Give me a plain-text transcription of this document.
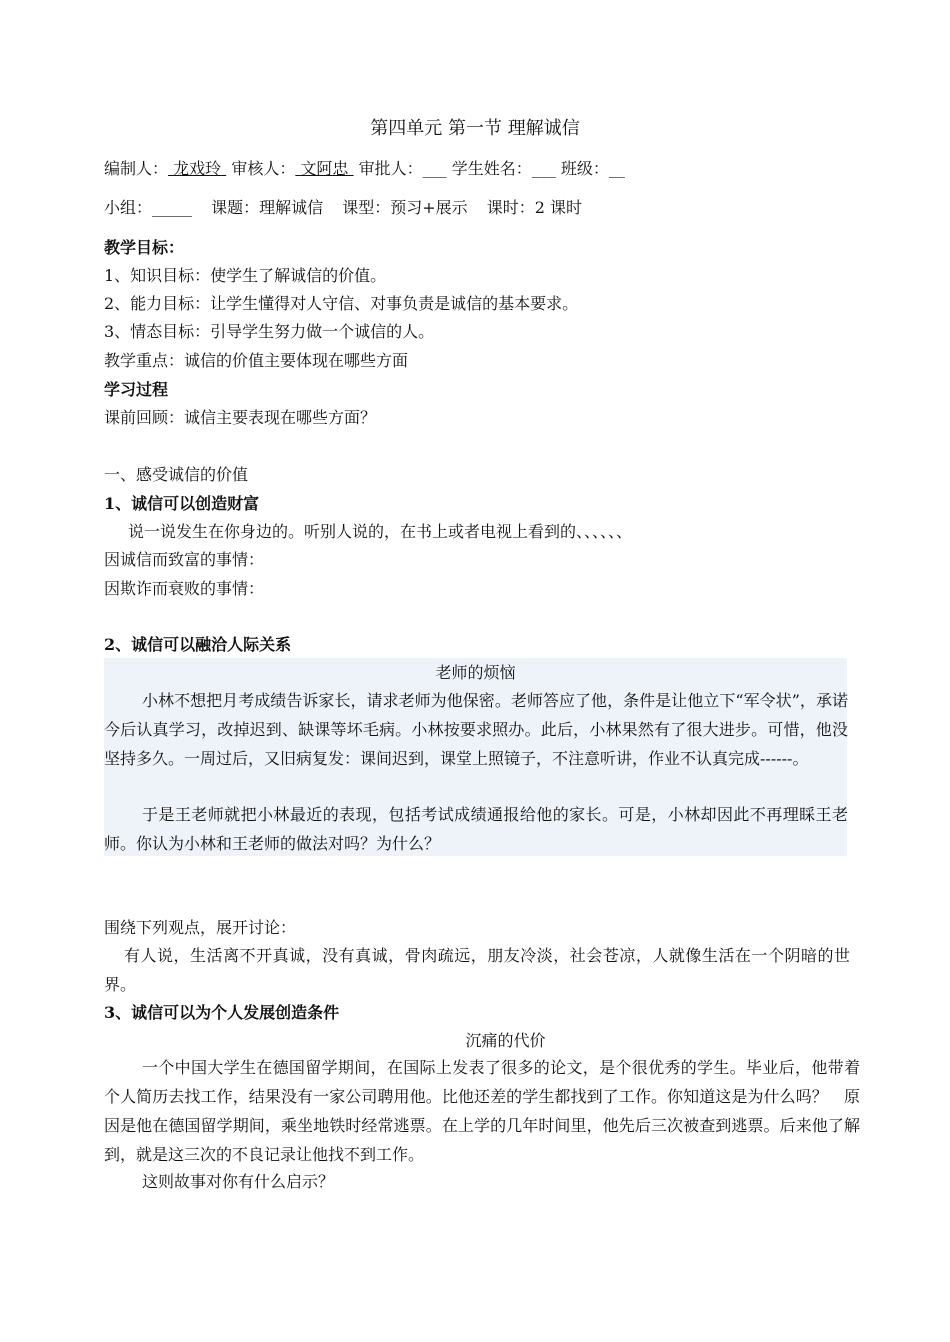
第四单元 第一节 理解诚信
编制人： 龙戏玲 审核人： 文阿忠 审批人：___ 学生姓名：___ 班级：__
小组：_____ 课题：理解诚信 课型：预习+展示 课时：2 课时
教学目标：
1、知识目标：使学生了解诚信的价值。
2、能力目标：让学生懂得对人守信、对事负责是诚信的基本要求。
3、情态目标：引导学生努力做一个诚信的人。
教学重点：诚信的价值主要体现在哪些方面
学习过程
课前回顾：诚信主要表现在哪些方面？
一、感受诚信的价值
1、诚信可以创造财富
说一说发生在你身边的。听别人说的，在书上或者电视上看到的、、、、、、
因诚信而致富的事情：
因欺诈而衰败的事情：
2、诚信可以融洽人际关系
老师的烦恼
小林不想把月考成绩告诉家长，请求老师为他保密。老师答应了他，条件是让他立下“军令状”，承诺今后认真学习，改掉迟到、缺课等坏毛病。小林按要求照办。此后，小林果然有了很大进步。可惜，他没坚持多久。一周过后，又旧病复发：课间迟到，课堂上照镜子，不注意听讲，作业不认真完成------。
于是王老师就把小林最近的表现，包括考试成绩通报给他的家长。可是，小林却因此不再理睬王老师。你认为小林和王老师的做法对吗？为什么？
围绕下列观点，展开讨论：
有人说，生活离不开真诚，没有真诚，骨肉疏远，朋友冷淡，社会苍凉，人就像生活在一个阴暗的世界。
3、诚信可以为个人发展创造条件
沉痛的代价
一个中国大学生在德国留学期间，在国际上发表了很多的论文，是个很优秀的学生。毕业后，他带着个人简历去找工作，结果没有一家公司聘用他。比他还差的学生都找到了工作。你知道这是为什么吗？　原因是他在德国留学期间，乘坐地铁时经常逃票。在上学的几年时间里，他先后三次被查到逃票。后来他了解到，就是这三次的不良记录让他找不到工作。
这则故事对你有什么启示？
